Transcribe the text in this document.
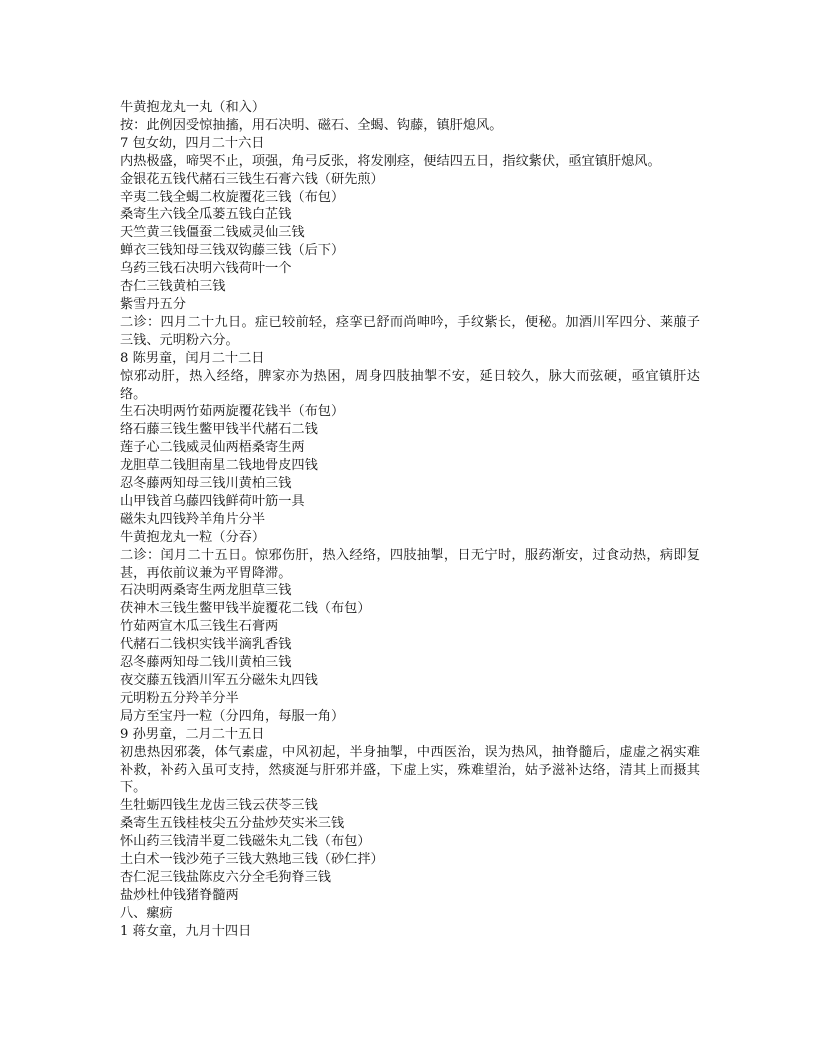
牛黄抱龙丸一丸（和入）
按：此例因受惊抽搐，用石决明、磁石、全蝎、钩藤，镇肝熄风。
7 包女幼，四月二十六日
内热极盛，啼哭不止，项强，角弓反张，将发刚痉，便结四五日，指纹紫伏，亟宜镇肝熄风。
金银花五钱代赭石三钱生石膏六钱（研先煎）
辛夷二钱全蝎二枚旋覆花三钱（布包）
桑寄生六钱全瓜蒌五钱白芷钱
天竺黄三钱僵蚕二钱威灵仙三钱
蝉衣三钱知母三钱双钩藤三钱（后下）
乌药三钱石决明六钱荷叶一个
杏仁三钱黄柏三钱
紫雪丹五分
二诊：四月二十九日。症已较前轻，痉挛已舒而尚呻吟，手纹紫长，便秘。加酒川军四分、莱菔子三钱、元明粉六分。
8 陈男童，闰月二十二日
惊邪动肝，热入经络，脾家亦为热困，周身四肢抽掣不安，延日较久，脉大而弦硬，亟宜镇肝达络。
生石决明两竹茹两旋覆花钱半（布包）
络石藤三钱生鳖甲钱半代赭石二钱
莲子心二钱威灵仙两梧桑寄生两
龙胆草二钱胆南星二钱地骨皮四钱
忍冬藤两知母三钱川黄柏三钱
山甲钱首乌藤四钱鲜荷叶筋一具
磁朱丸四钱羚羊角片分半
牛黄抱龙丸一粒（分吞）
二诊：闰月二十五日。惊邪伤肝，热入经络，四肢抽掣，日无宁时，服药渐安，过食动热，病即复甚，再依前议兼为平胃降滞。
石决明两桑寄生两龙胆草三钱
茯神木三钱生鳖甲钱半旋覆花二钱（布包）
竹茹两宣木瓜三钱生石膏两
代赭石二钱枳实钱半滴乳香钱
忍冬藤两知母二钱川黄柏三钱
夜交藤五钱酒川军五分磁朱丸四钱
元明粉五分羚羊分半
局方至宝丹一粒（分四角，每服一角）
9 孙男童，二月二十五日
初患热因邪袭，体气素虚，中风初起，半身抽掣，中西医治，误为热风，抽脊髓后，虚虚之祸实难补救，补药入虽可支持，然痰涎与肝邪并盛，下虚上实，殊难望治，姑予滋补达络，清其上而摄其下。
生牡蛎四钱生龙齿三钱云茯苓三钱
桑寄生五钱桂枝尖五分盐炒芡实米三钱
怀山药三钱清半夏二钱磁朱丸二钱（布包）
土白术一钱沙苑子三钱大熟地三钱（砂仁拌）
杏仁泥三钱盐陈皮六分全毛狗脊三钱
盐炒杜仲钱猪脊髓两
八、瘰疬
1 蒋女童，九月十四日
